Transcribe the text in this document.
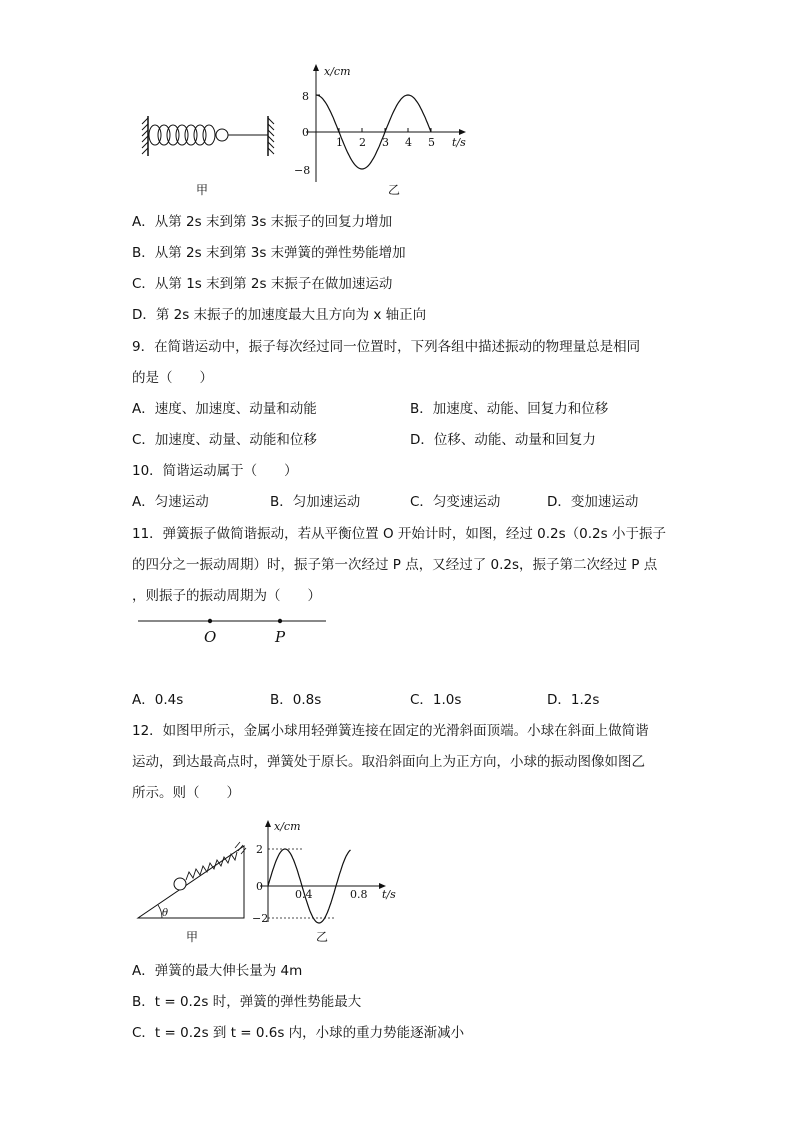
甲
x/cm
t/s
8
0
−8
1 2 3 4 5
乙
A．从第 2s 末到第 3s 末振子的回复力增加
B．从第 2s 末到第 3s 末弹簧的弹性势能增加
C．从第 1s 末到第 2s 末振子在做加速运动
D．第 2s 末振子的加速度最大且方向为 x 轴正向
9．在简谐运动中，振子每次经过同一位置时，下列各组中描述振动的物理量总是相同
的是（　　）
A．速度、加速度、动量和动能	B．加速度、动能、回复力和位移
C．加速度、动量、动能和位移	D．位移、动能、动量和回复力
10．简谐运动属于（　　）
A．匀速运动	B．匀加速运动	C．匀变速运动	D．变加速运动
11．弹簧振子做简谐振动，若从平衡位置 O 开始计时，如图，经过 0.2s（0.2s 小于振子
的四分之一振动周期）时，振子第一次经过 P 点，又经过了 0.2s，振子第二次经过 P 点
，则振子的振动周期为（　　）
O	P
A．0.4s	B．0.8s	C．1.0s	D．1.2s
12．如图甲所示，金属小球用轻弹簧连接在固定的光滑斜面顶端。小球在斜面上做简谐
运动，到达最高点时，弹簧处于原长。取沿斜面向上为正方向，小球的振动图像如图乙
所示。则（　　）
θ
甲
x/cm
t/s
2
0
−2
0.4	0.8
乙
A．弹簧的最大伸长量为 4m
B．t = 0.2s 时，弹簧的弹性势能最大
C．t = 0.2s 到 t = 0.6s 内，小球的重力势能逐渐减小
